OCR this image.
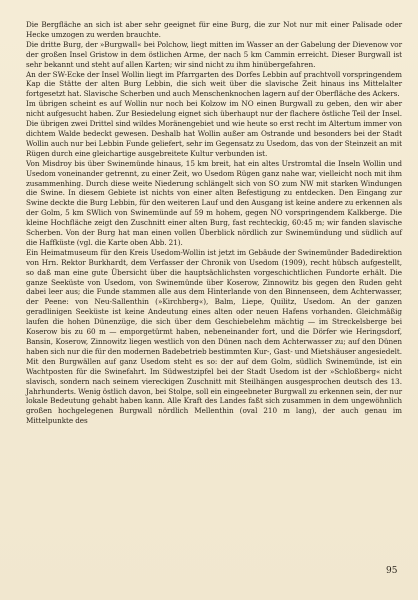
Die Bergfläche an sich ist aber sehr geeignet für eine Burg, die zur Not nur mit einer Palisade oder Hecke umzogen zu werden brauchte.

Die dritte Burg, der »Burgwall« bei Polchow, liegt mitten im Wasser an der Gabelung der Dievenow vor der großen Insel Gristow in dem östlichen Arme, der nach 5 km Cammin erreicht. Dieser Burgwall ist sehr bekannt und steht auf allen Karten; wir sind nicht zu ihm hinübergefahren.

An der SW-Ecke der Insel Wollin liegt im Pfarrgarten des Dorfes Lebbin auf prachtvoll vorspringendem Kap die Stätte der alten Burg Lebbin, die sich weit über die slavische Zeit hinaus ins Mittelalter fortgesetzt hat. Slavische Scherben und auch Menschenknochen lagern auf der Oberfläche des Ackers.

Im übrigen scheint es auf Wollin nur noch bei Kolzow im NO einen Burgwall zu geben, den wir aber nicht aufgesucht haben. Zur Besiedelung eignet sich überhaupt nur der flachere östliche Teil der Insel. Die übrigen zwei Drittel sind wildes Moränengebiet und wie heute so erst recht im Altertum immer von dichtem Walde bedeckt gewesen. Deshalb hat Wollin außer am Ostrande und besonders bei der Stadt Wollin auch nur bei Lebbin Funde geliefert, sehr im Gegensatz zu Usedom, das von der Steinzeit an mit Rügen durch eine gleichartige ausgebreitete Kultur verbunden ist.

Von Misdroy bis über Swinemünde hinaus, 15 km breit, hat ein altes Urstromtal die Inseln Wollin und Usedom voneinander getrennt, zu einer Zeit, wo Usedom Rügen ganz nahe war, vielleicht noch mit ihm zusammenhing. Durch diese weite Niederung schlängelt sich von SO zum NW mit starken Windungen die Swine. In diesem Gebiete ist nichts von einer alten Befestigung zu entdecken. Den Eingang zur Swine deckte die Burg Lebbin, für den weiteren Lauf und den Ausgang ist keine andere zu erkennen als der Golm, 5 km SWlich von Swinemünde auf 59 m hohem, gegen NO vorspringendem Kalkberge. Die kleine Hochfläche zeigt den Zuschnitt einer alten Burg, fast rechteckig, 60:45 m; wir fanden slavische Scherben. Von der Burg hat man einen vollen Überblick nördlich zur Swinemündung und südlich auf die Haffküste (vgl. die Karte oben Abb. 21).

Ein Heimatmuseum für den Kreis Usedom-Wollin ist jetzt im Gebäude der Swinemünder Badedirektion von Hrn. Rektor Burkhardt, dem Verfasser der Chronik von Usedom (1909), recht hübsch aufgestellt, so daß man eine gute Übersicht über die hauptsächlichsten vorgeschichtlichen Fundorte erhält. Die ganze Seeküste von Usedom, von Swinemünde über Koserow, Zinnowitz bis gegen den Ruden geht dabei leer aus; die Funde stammen alle aus dem Hinterlande von den Binnenseen, dem Achterwasser, der Peene: von Neu-Sallenthin (»Kirchberg«), Balm, Liepe, Quilitz, Usedom. An der ganzen geradlinigen Seeküste ist keine Andeutung eines alten oder neuen Hafens vorhanden. Gleichmäßig laufen die hohen Dünenzüge, die sich über dem Geschiebelehm mächtig — im Streckelsberge bei Koserow bis zu 60 m — emporgetürmt haben, nebeneinander fort, und die Dörfer wie Heringsdorf, Bansin, Koserow, Zinnowitz liegen westlich von den Dünen nach dem Achterwasser zu; auf den Dünen haben sich nur die für den modernen Badebetrieb bestimmten Kur-, Gast- und Mietshäuser angesiedelt.

Mit den Burgwällen auf ganz Usedom steht es so: der auf dem Golm, südlich Swinemünde, ist ein Wachtposten für die Swinefahrt. Im Südwestzipfel bei der Stadt Usedom ist der »Schloßberg« nicht slavisch, sondern nach seinem viereckigen Zuschnitt mit Steilhängen ausgesprochen deutsch des 13. Jahrhunderts. Wenig östlich davon, bei Stolpe, soll ein eingeebneter Burgwall zu erkennen sein, der nur lokale Bedeutung gehabt haben kann. Alle Kraft des Landes faßt sich zusammen in dem ungewöhnlich großen hochgelegenen Burgwall nördlich Mellenthin (oval 210 m lang), der auch genau im Mittelpunkte des

95
